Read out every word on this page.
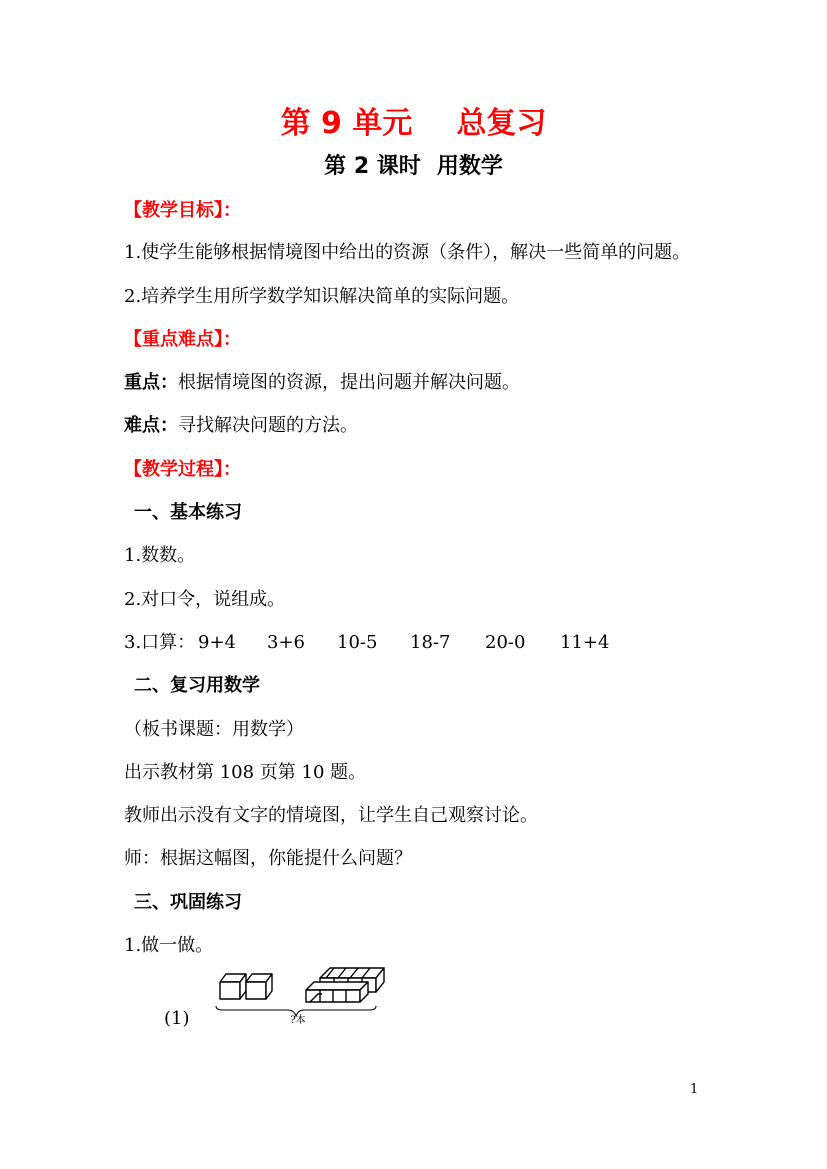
第 9 单元 总复习
第 2 课时 用数学
【教学目标】：
1.使学生能够根据情境图中给出的资源（条件），解决一些简单的问题。
2.培养学生用所学数学知识解决简单的实际问题。
【重点难点】：
重点：根据情境图的资源，提出问题并解决问题。
难点：寻找解决问题的方法。
【教学过程】：
一、基本练习
1.数数。
2.对口令，说组成。
3.口算： 9+4 3+6 10-5 18-7 20-0 11+4
二、复习用数学
（板书课题：用数学）
出示教材第 108 页第 10 题。
教师出示没有文字的情境图，让学生自己观察讨论。
师：根据这幅图，你能提什么问题？
三、巩固练习
1.做一做。
(1)	?本
1
